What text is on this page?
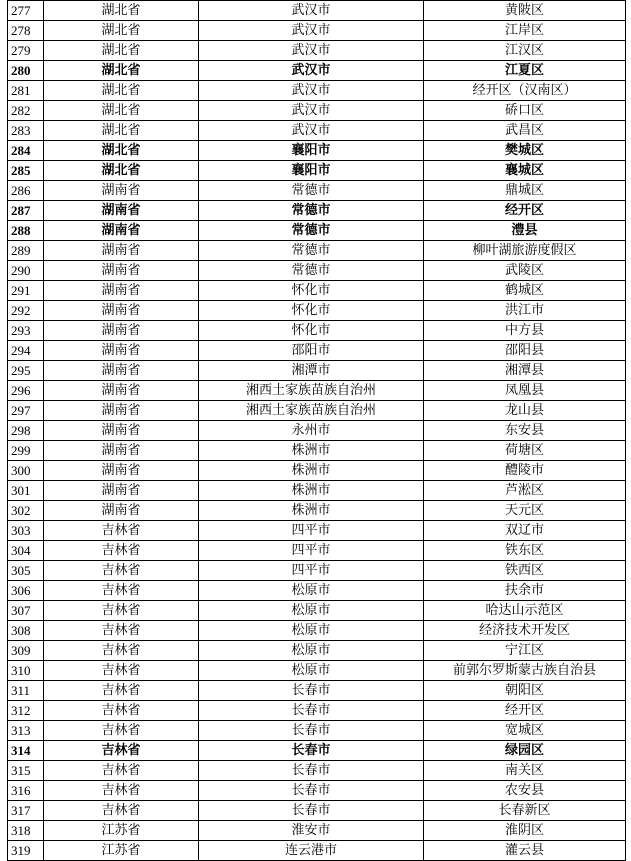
277	湖北省	武汉市	黄陂区
278	湖北省	武汉市	江岸区
279	湖北省	武汉市	江汉区
280	湖北省	武汉市	江夏区
281	湖北省	武汉市	经开区（汉南区）
282	湖北省	武汉市	硚口区
283	湖北省	武汉市	武昌区
284	湖北省	襄阳市	樊城区
285	湖北省	襄阳市	襄城区
286	湖南省	常德市	鼎城区
287	湖南省	常德市	经开区
288	湖南省	常德市	澧县
289	湖南省	常德市	柳叶湖旅游度假区
290	湖南省	常德市	武陵区
291	湖南省	怀化市	鹤城区
292	湖南省	怀化市	洪江市
293	湖南省	怀化市	中方县
294	湖南省	邵阳市	邵阳县
295	湖南省	湘潭市	湘潭县
296	湖南省	湘西土家族苗族自治州	凤凰县
297	湖南省	湘西土家族苗族自治州	龙山县
298	湖南省	永州市	东安县
299	湖南省	株洲市	荷塘区
300	湖南省	株洲市	醴陵市
301	湖南省	株洲市	芦淞区
302	湖南省	株洲市	天元区
303	吉林省	四平市	双辽市
304	吉林省	四平市	铁东区
305	吉林省	四平市	铁西区
306	吉林省	松原市	扶余市
307	吉林省	松原市	哈达山示范区
308	吉林省	松原市	经济技术开发区
309	吉林省	松原市	宁江区
310	吉林省	松原市	前郭尔罗斯蒙古族自治县
311	吉林省	长春市	朝阳区
312	吉林省	长春市	经开区
313	吉林省	长春市	宽城区
314	吉林省	长春市	绿园区
315	吉林省	长春市	南关区
316	吉林省	长春市	农安县
317	吉林省	长春市	长春新区
318	江苏省	淮安市	淮阴区
319	江苏省	连云港市	灌云县
